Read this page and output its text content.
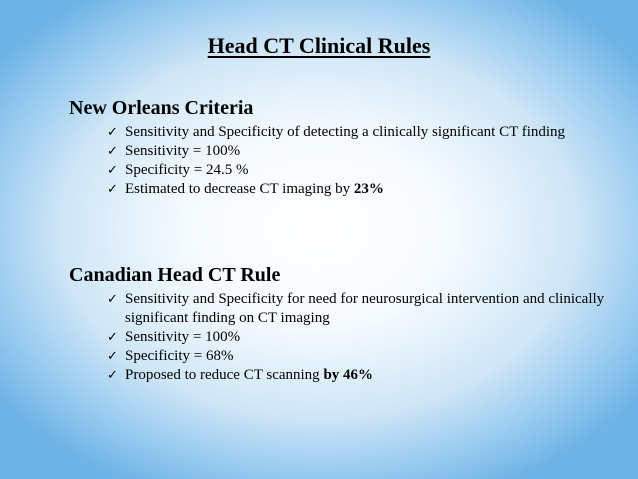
Head CT Clinical Rules
New Orleans Criteria
✓ Sensitivity and Specificity of detecting a clinically significant CT finding
✓ Sensitivity = 100%
✓ Specificity = 24.5 %
✓ Estimated to decrease CT imaging by 23%
Canadian Head CT Rule
✓ Sensitivity and Specificity for need for neurosurgical intervention and clinically significant finding on CT imaging
✓ Sensitivity = 100%
✓ Specificity = 68%
✓ Proposed to reduce CT scanning by 46%
